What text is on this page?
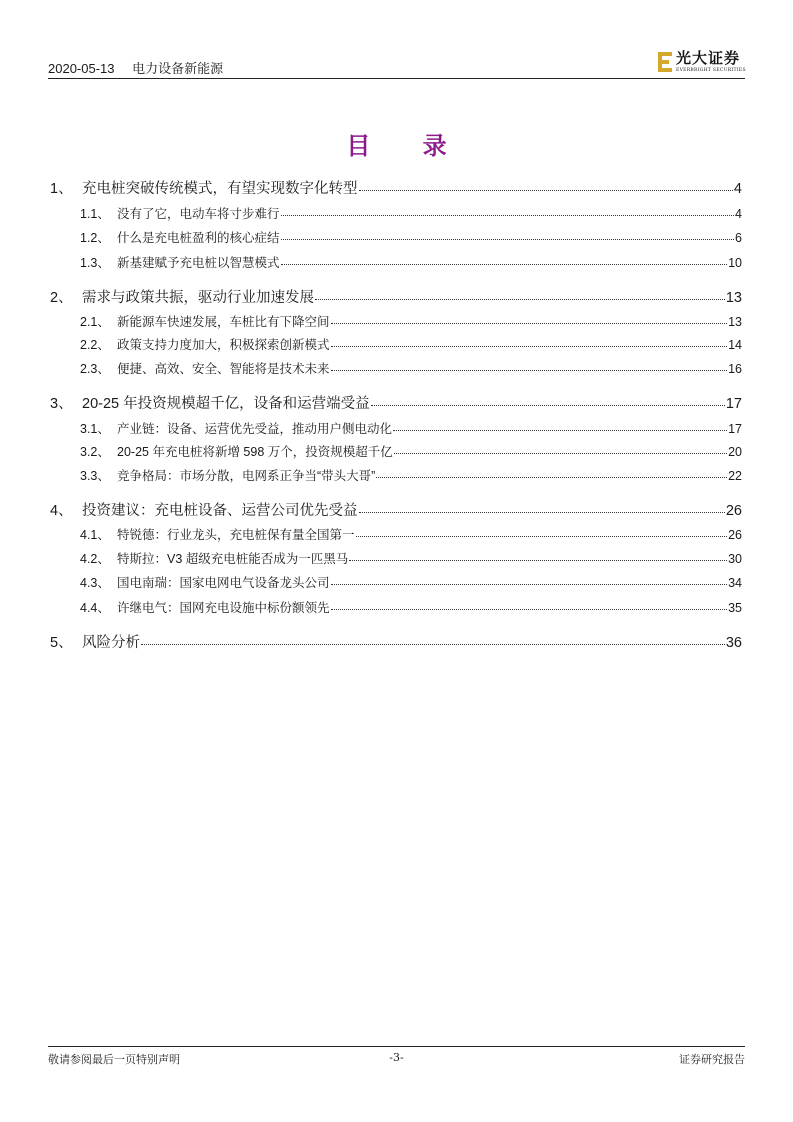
2020-05-13 电力设备新能源
光大证券
EVERBRIGHT SECURITIES
目 录
1、 充电桩突破传统模式，有望实现数字化转型	4
1.1、 没有了它，电动车将寸步难行	4
1.2、 什么是充电桩盈利的核心症结	6
1.3、 新基建赋予充电桩以智慧模式	10
2、 需求与政策共振，驱动行业加速发展	13
2.1、 新能源车快速发展，车桩比有下降空间	13
2.2、 政策支持力度加大，积极探索创新模式	14
2.3、 便捷、高效、安全、智能将是技术未来	16
3、 20-25 年投资规模超千亿，设备和运营端受益	17
3.1、 产业链：设备、运营优先受益，推动用户侧电动化	17
3.2、 20-25 年充电桩将新增 598 万个，投资规模超千亿	20
3.3、 竞争格局：市场分散，电网系正争当“带头大哥”	22
4、 投资建议：充电桩设备、运营公司优先受益	26
4.1、 特锐德：行业龙头，充电桩保有量全国第一	26
4.2、 特斯拉：V3 超级充电桩能否成为一匹黑马	30
4.3、 国电南瑞：国家电网电气设备龙头公司	34
4.4、 许继电气：国网充电设施中标份额领先	35
5、 风险分析	36
敬请参阅最后一页特别声明	-3-	证券研究报告
